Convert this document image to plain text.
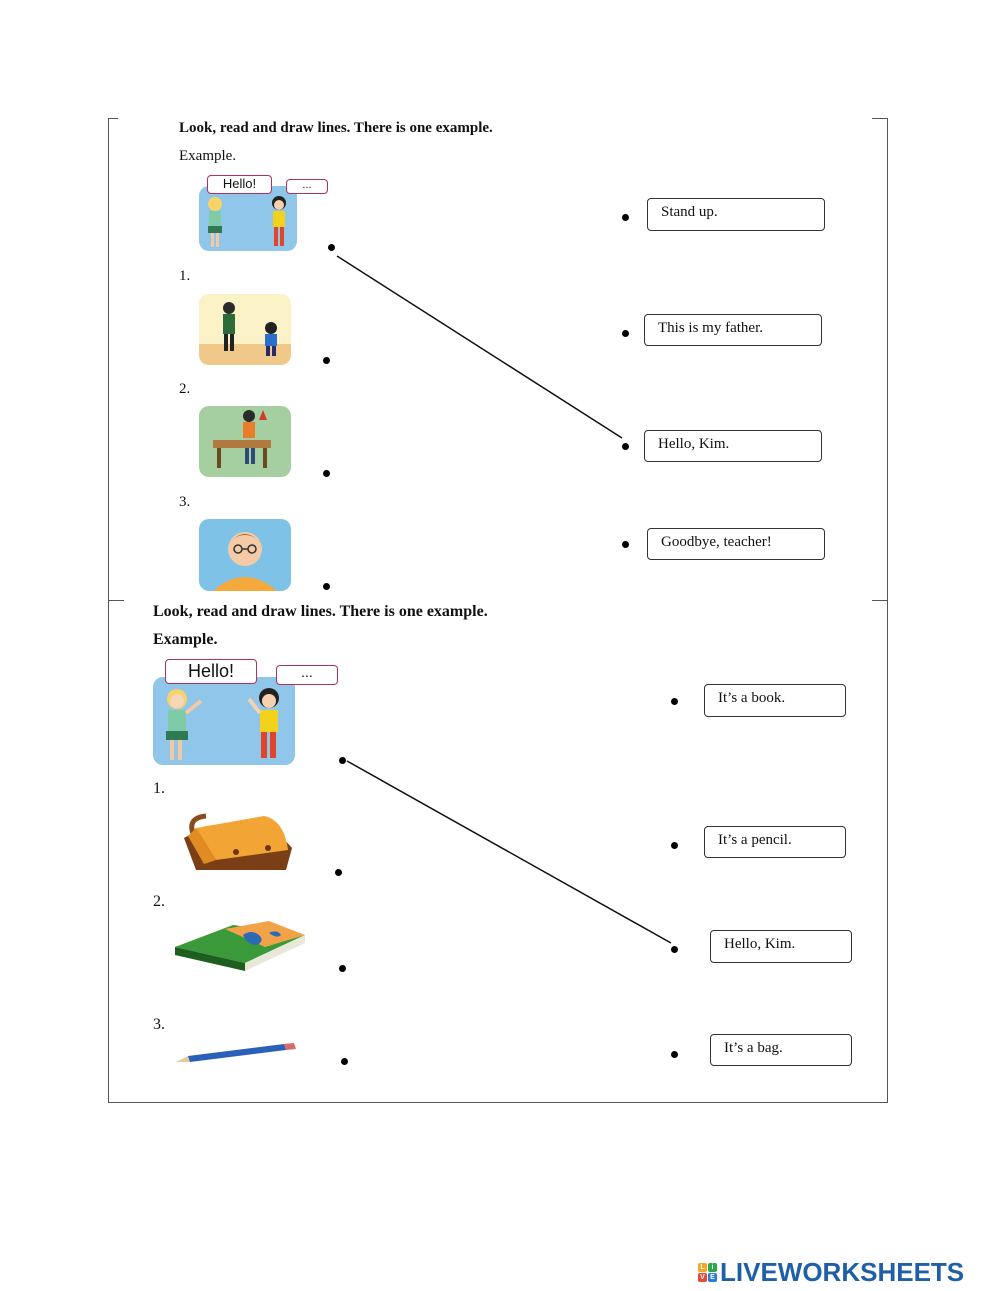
Look, read and draw lines. There is one example.
Example.
Hello!	...
1.
2.
3.
Stand up.
This is my father.
Hello, Kim.
Goodbye, teacher!
Look, read and draw lines. There is one example.
Example.
Hello!	...
1.
2.
3.
It’s a book.
It’s a pencil.
Hello, Kim.
It’s a bag.
L i
V E LIVEWORKSHEETS
